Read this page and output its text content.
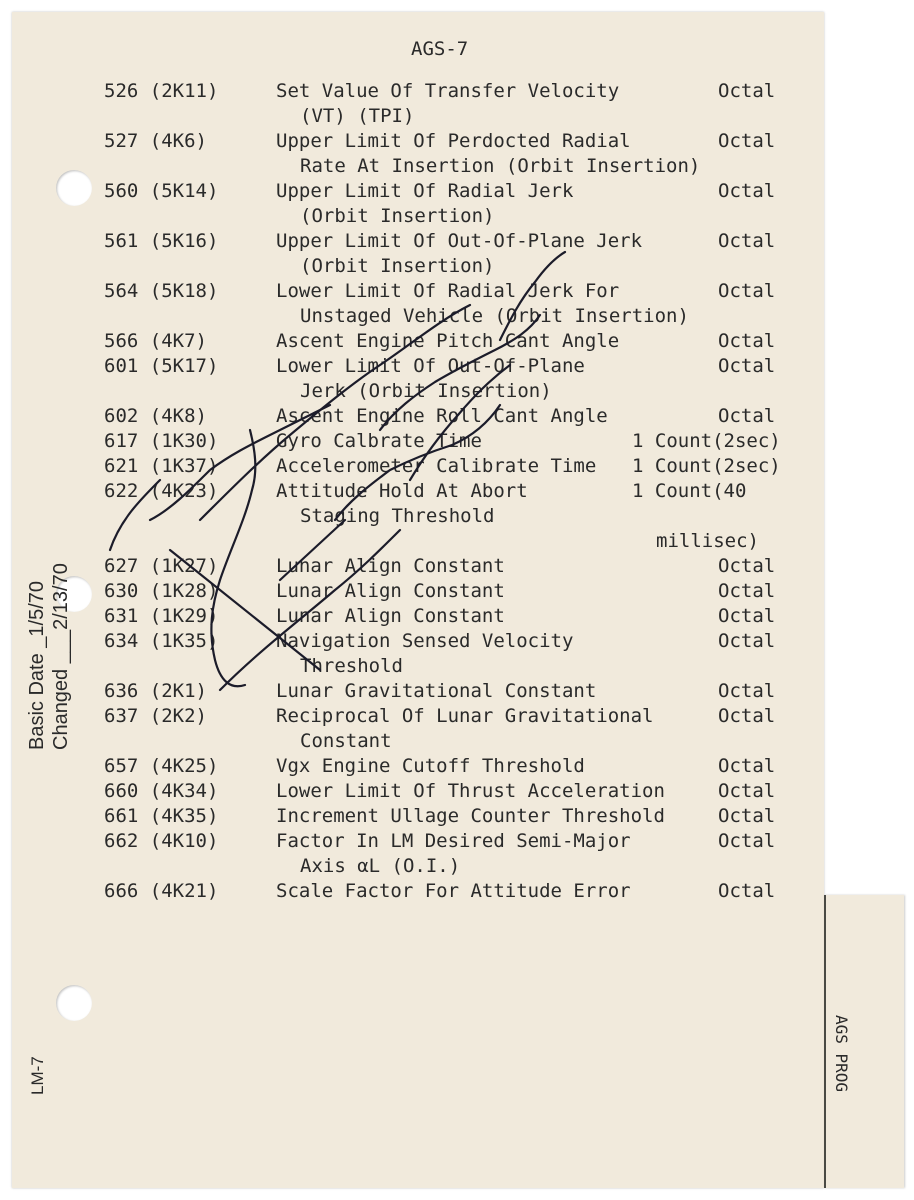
AGS PROG
AGS-7
526 (2K11)	Set Value Of Transfer Velocity	Octal
(VT) (TPI)
527 (4K6)	Upper Limit Of Perdocted Radial	Octal
Rate At Insertion (Orbit Insertion)
560 (5K14)	Upper Limit Of Radial Jerk	Octal
(Orbit Insertion)
561 (5K16)	Upper Limit Of Out-Of-Plane Jerk	Octal
(Orbit Insertion)
564 (5K18)	Lower Limit Of Radial Jerk For	Octal
Unstaged Vehicle (Orbit Insertion)
566 (4K7)	Ascent Engine Pitch Cant Angle	Octal
601 (5K17)	Lower Limit Of Out-Of-Plane	Octal
Jerk (Orbit Insertion)
602 (4K8)	Ascent Engine Roll Cant Angle	Octal
617 (1K30)	Gyro Calbrate Time	1 Count(2sec)
621 (1K37)	Accelerometer Calibrate Time 1 Count(2sec)
622 (4K23)	Attitude Hold At Abort	1 Count(40
Staging Threshold
millisec)
627 (1K27)	Lunar Align Constant	Octal
630 (1K28)	Lunar Align Constant	Octal
631 (1K29)	Lunar Align Constant	Octal
634 (1K35)	Navigation Sensed Velocity	Octal
Threshold
636 (2K1)	Lunar Gravitational Constant	Octal
637 (2K2)	Reciprocal Of Lunar Gravitational	Octal
Constant
657 (4K25)	Vgx Engine Cutoff Threshold	Octal
660 (4K34)	Lower Limit Of Thrust Acceleration	Octal
661 (4K35)	Increment Ullage Counter Threshold	Octal
662 (4K10)	Factor In LM Desired Semi-Major	Octal
Axis αL (O.I.)
666 (4K21)	Scale Factor For Attitude Error	Octal
Basic Date _1/5/70 Changed ___2/13/70
LM-7
